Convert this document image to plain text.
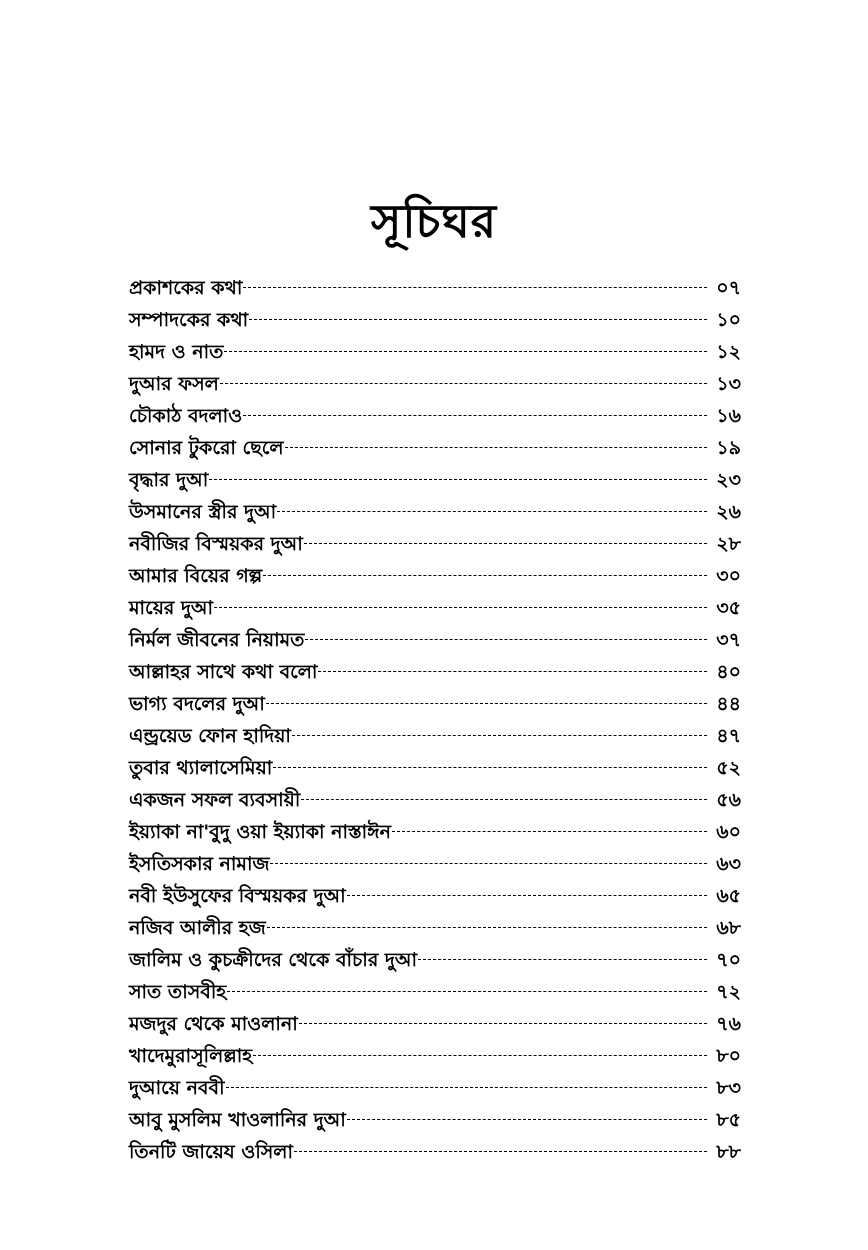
সূচিঘর
প্রকাশকের কথা	০৭
সম্পাদকের কথা	১০
হামদ ও নাত	১২
দুআর ফসল	১৩
চৌকাঠ বদলাও	১৬
সোনার টুকরো ছেলে	১৯
বৃদ্ধার দুআ	২৩
উসমানের স্ত্রীর দুআ	২৬
নবীজির বিস্ময়কর দুআ	২৮
আমার বিয়ের গল্প	৩০
মায়ের দুআ	৩৫
নির্মল জীবনের নিয়ামত	৩৭
আল্লাহর সাথে কথা বলো	৪০
ভাগ্য বদলের দুআ	৪৪
এন্ড্রয়েড ফোন হাদিয়া	৪৭
তুবার থ্যালাসেমিয়া	৫২
একজন সফল ব্যবসায়ী	৫৬
ইয়্যাকা না'বুদু ওয়া ইয়্যাকা নাস্তাঈন	৬০
ইসতিসকার নামাজ	৬৩
নবী ইউসুফের বিস্ময়কর দুআ	৬৫
নজিব আলীর হজ	৬৮
জালিম ও কুচক্রীদের থেকে বাঁচার দুআ	৭০
সাত তাসবীহ	৭২
মজদুর থেকে মাওলানা	৭৬
খাদেমুরাসূলিল্লাহ	৮০
দুআয়ে নববী	৮৩
আবু মুসলিম খাওলানির দুআ	৮৫
তিনটি জায়েয ওসিলা	৮৮
